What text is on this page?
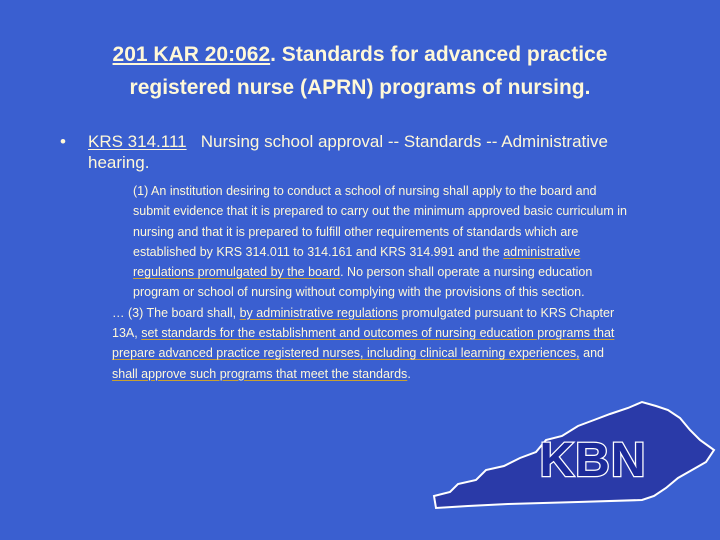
201 KAR 20:062. Standards for advanced practice
registered nurse (APRN) programs of nursing.
• KRS 314.111   Nursing school approval -- Standards -- Administrative hearing.
(1) An institution desiring to conduct a school of nursing shall apply to the board and submit evidence that it is prepared to carry out the minimum approved basic curriculum in nursing and that it is prepared to fulfill other requirements of standards which are established by KRS 314.011 to 314.161 and KRS 314.991 and the administrative regulations promulgated by the board. No person shall operate a nursing education program or school of nursing without complying with the provisions of this section.
… (3) The board shall, by administrative regulations promulgated pursuant to KRS Chapter 13A, set standards for the establishment and outcomes of nursing education programs that prepare advanced practice registered nurses, including clinical learning experiences, and shall approve such programs that meet the standards.
KBN
